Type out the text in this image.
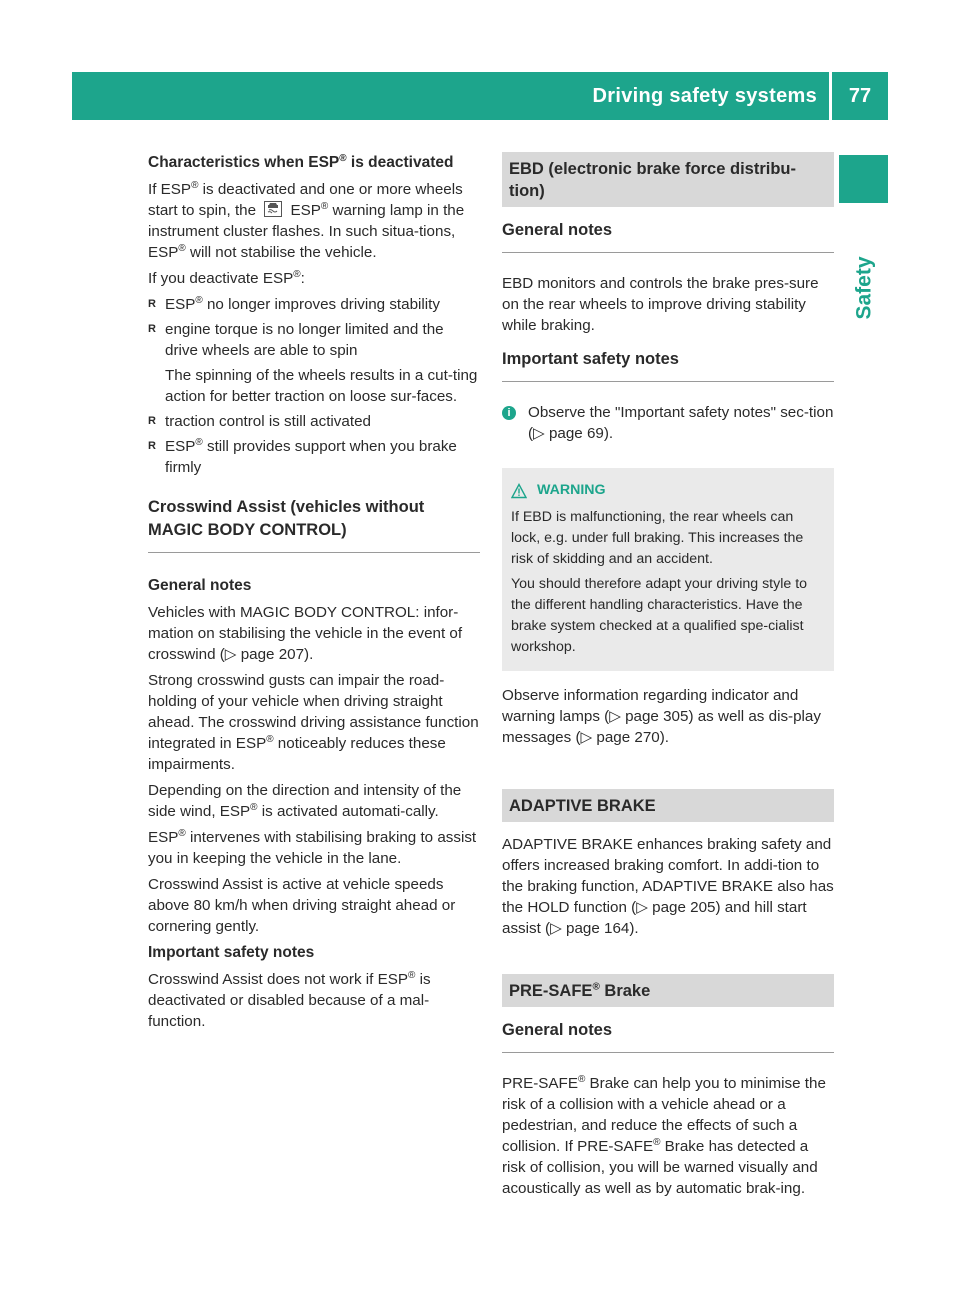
Driving safety systems	77
Safety
Characteristics when ESP® is deactivated

If ESP® is deactivated and one or more wheels start to spin, the
ESP® warning lamp in the instrument cluster flashes. In such situa-tions, ESP® will not stabilise the vehicle.

If you deactivate ESP®:

R ESP® no longer improves driving stability
R engine torque is no longer limited and the drive wheels are able to spin
The spinning of the wheels results in a cut-ting action for better traction on loose sur-faces.
R traction control is still activated
R ESP® still provides support when you brake firmly
Crosswind Assist (vehicles without MAGIC BODY CONTROL)
General notes

Vehicles with MAGIC BODY CONTROL: infor-mation on stabilising the vehicle in the event of crosswind (▷ page 207).

Strong crosswind gusts can impair the road-holding of your vehicle when driving straight ahead. The crosswind driving assistance function integrated in ESP® noticeably reduces these impairments.

Depending on the direction and intensity of the side wind, ESP® is activated automati-cally.

ESP® intervenes with stabilising braking to assist you in keeping the vehicle in the lane.

Crosswind Assist is active at vehicle speeds above 80 km/h when driving straight ahead or cornering gently.

Important safety notes

Crosswind Assist does not work if ESP® is deactivated or disabled because of a mal-function.

EBD (electronic brake force distribu-tion)
General notes

EBD monitors and controls the brake pres-sure on the rear wheels to improve driving stability while braking.

Important safety notes
i	Observe the "Important safety notes" sec-tion (▷ page 69).
WARNING

If EBD is malfunctioning, the rear wheels can lock, e.g. under full braking. This increases the risk of skidding and an accident.

You should therefore adapt your driving style to the different handling characteristics. Have the brake system checked at a qualified spe-cialist workshop.

Observe information regarding indicator and warning lamps (▷ page 305) as well as dis-play messages (▷ page 270).

ADAPTIVE BRAKE

ADAPTIVE BRAKE enhances braking safety and offers increased braking comfort. In addi-tion to the braking function, ADAPTIVE BRAKE also has the HOLD function (▷ page 205) and hill start assist (▷ page 164).

PRE-SAFE® Brake
General notes

PRE-SAFE® Brake can help you to minimise the risk of a collision with a vehicle ahead or a pedestrian, and reduce the effects of such a collision. If PRE-SAFE® Brake has detected a risk of collision, you will be warned visually and acoustically as well as by automatic brak-ing.
